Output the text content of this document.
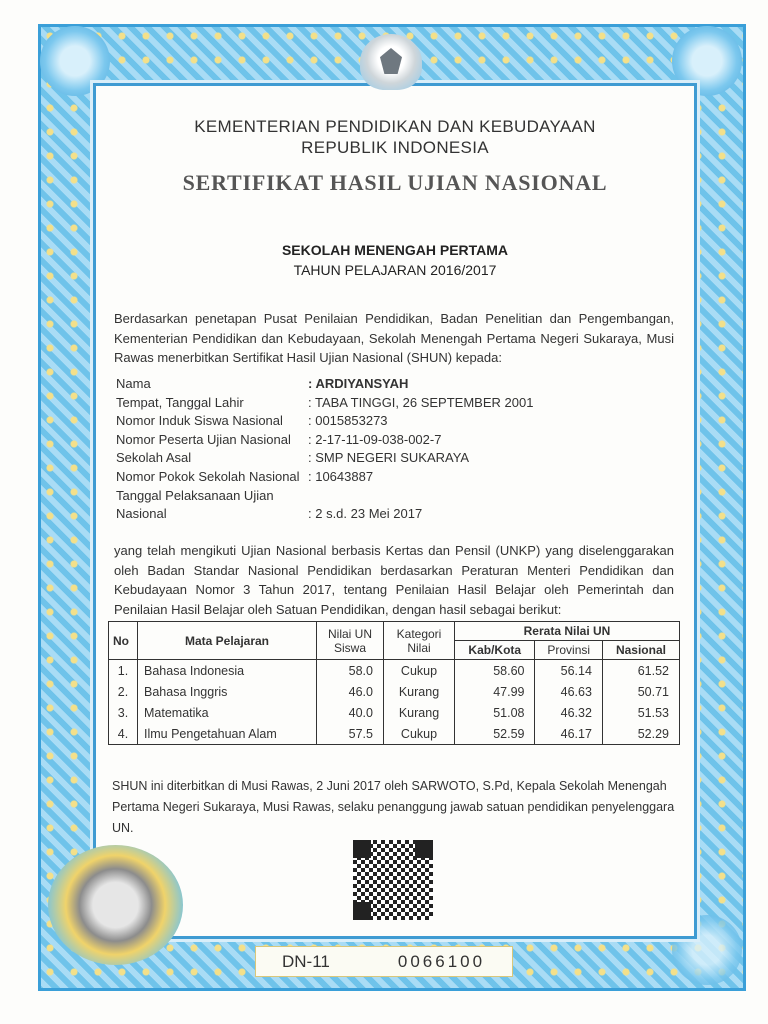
KEMENTERIAN PENDIDIKAN DAN KEBUDAYAAN
REPUBLIK INDONESIA
SERTIFIKAT HASIL UJIAN NASIONAL
SEKOLAH MENENGAH PERTAMA
TAHUN PELAJARAN 2016/2017
Berdasarkan penetapan Pusat Penilaian Pendidikan, Badan Penelitian dan Pengembangan, Kementerian Pendidikan dan Kebudayaan, Sekolah Menengah Pertama Negeri Sukaraya, Musi Rawas menerbitkan Sertifikat Hasil Ujian Nasional (SHUN) kepada:
Nama	: ARDIYANSYAH
Tempat, Tanggal Lahir	: TABA TINGGI, 26 SEPTEMBER 2001
Nomor Induk Siswa Nasional	: 0015853273
Nomor Peserta Ujian Nasional	: 2-17-11-09-038-002-7
Sekolah Asal	: SMP NEGERI SUKARAYA
Nomor Pokok Sekolah Nasional : 10643887
Tanggal Pelaksanaan Ujian
Nasional	: 2 s.d. 23 Mei 2017
yang telah mengikuti Ujian Nasional berbasis Kertas dan Pensil (UNKP) yang diselenggarakan oleh Badan Standar Nasional Pendidikan berdasarkan Peraturan Menteri Pendidikan dan Kebudayaan Nomor 3 Tahun 2017, tentang Penilaian Hasil Belajar oleh Pemerintah dan Penilaian Hasil Belajar oleh Satuan Pendidikan, dengan hasil sebagai berikut:
No	Mata Pelajaran	Nilai UN Siswa	Kategori Nilai	Rerata Nilai UN		
				Kab/Kota	Provinsi	Nasional
1.	Bahasa Indonesia	58.0	Cukup	58.60	56.14	61.52
2.	Bahasa Inggris	46.0	Kurang	47.99	46.63	50.71
3.	Matematika	40.0	Kurang	51.08	46.32	51.53
4.	Ilmu Pengetahuan Alam	57.5	Cukup	52.59	46.17	52.29
SHUN ini diterbitkan di Musi Rawas, 2 Juni 2017 oleh SARWOTO, S.Pd, Kepala Sekolah Menengah Pertama Negeri Sukaraya, Musi Rawas, selaku penanggung jawab satuan pendidikan penyelenggara UN.
DN-11	0066100
